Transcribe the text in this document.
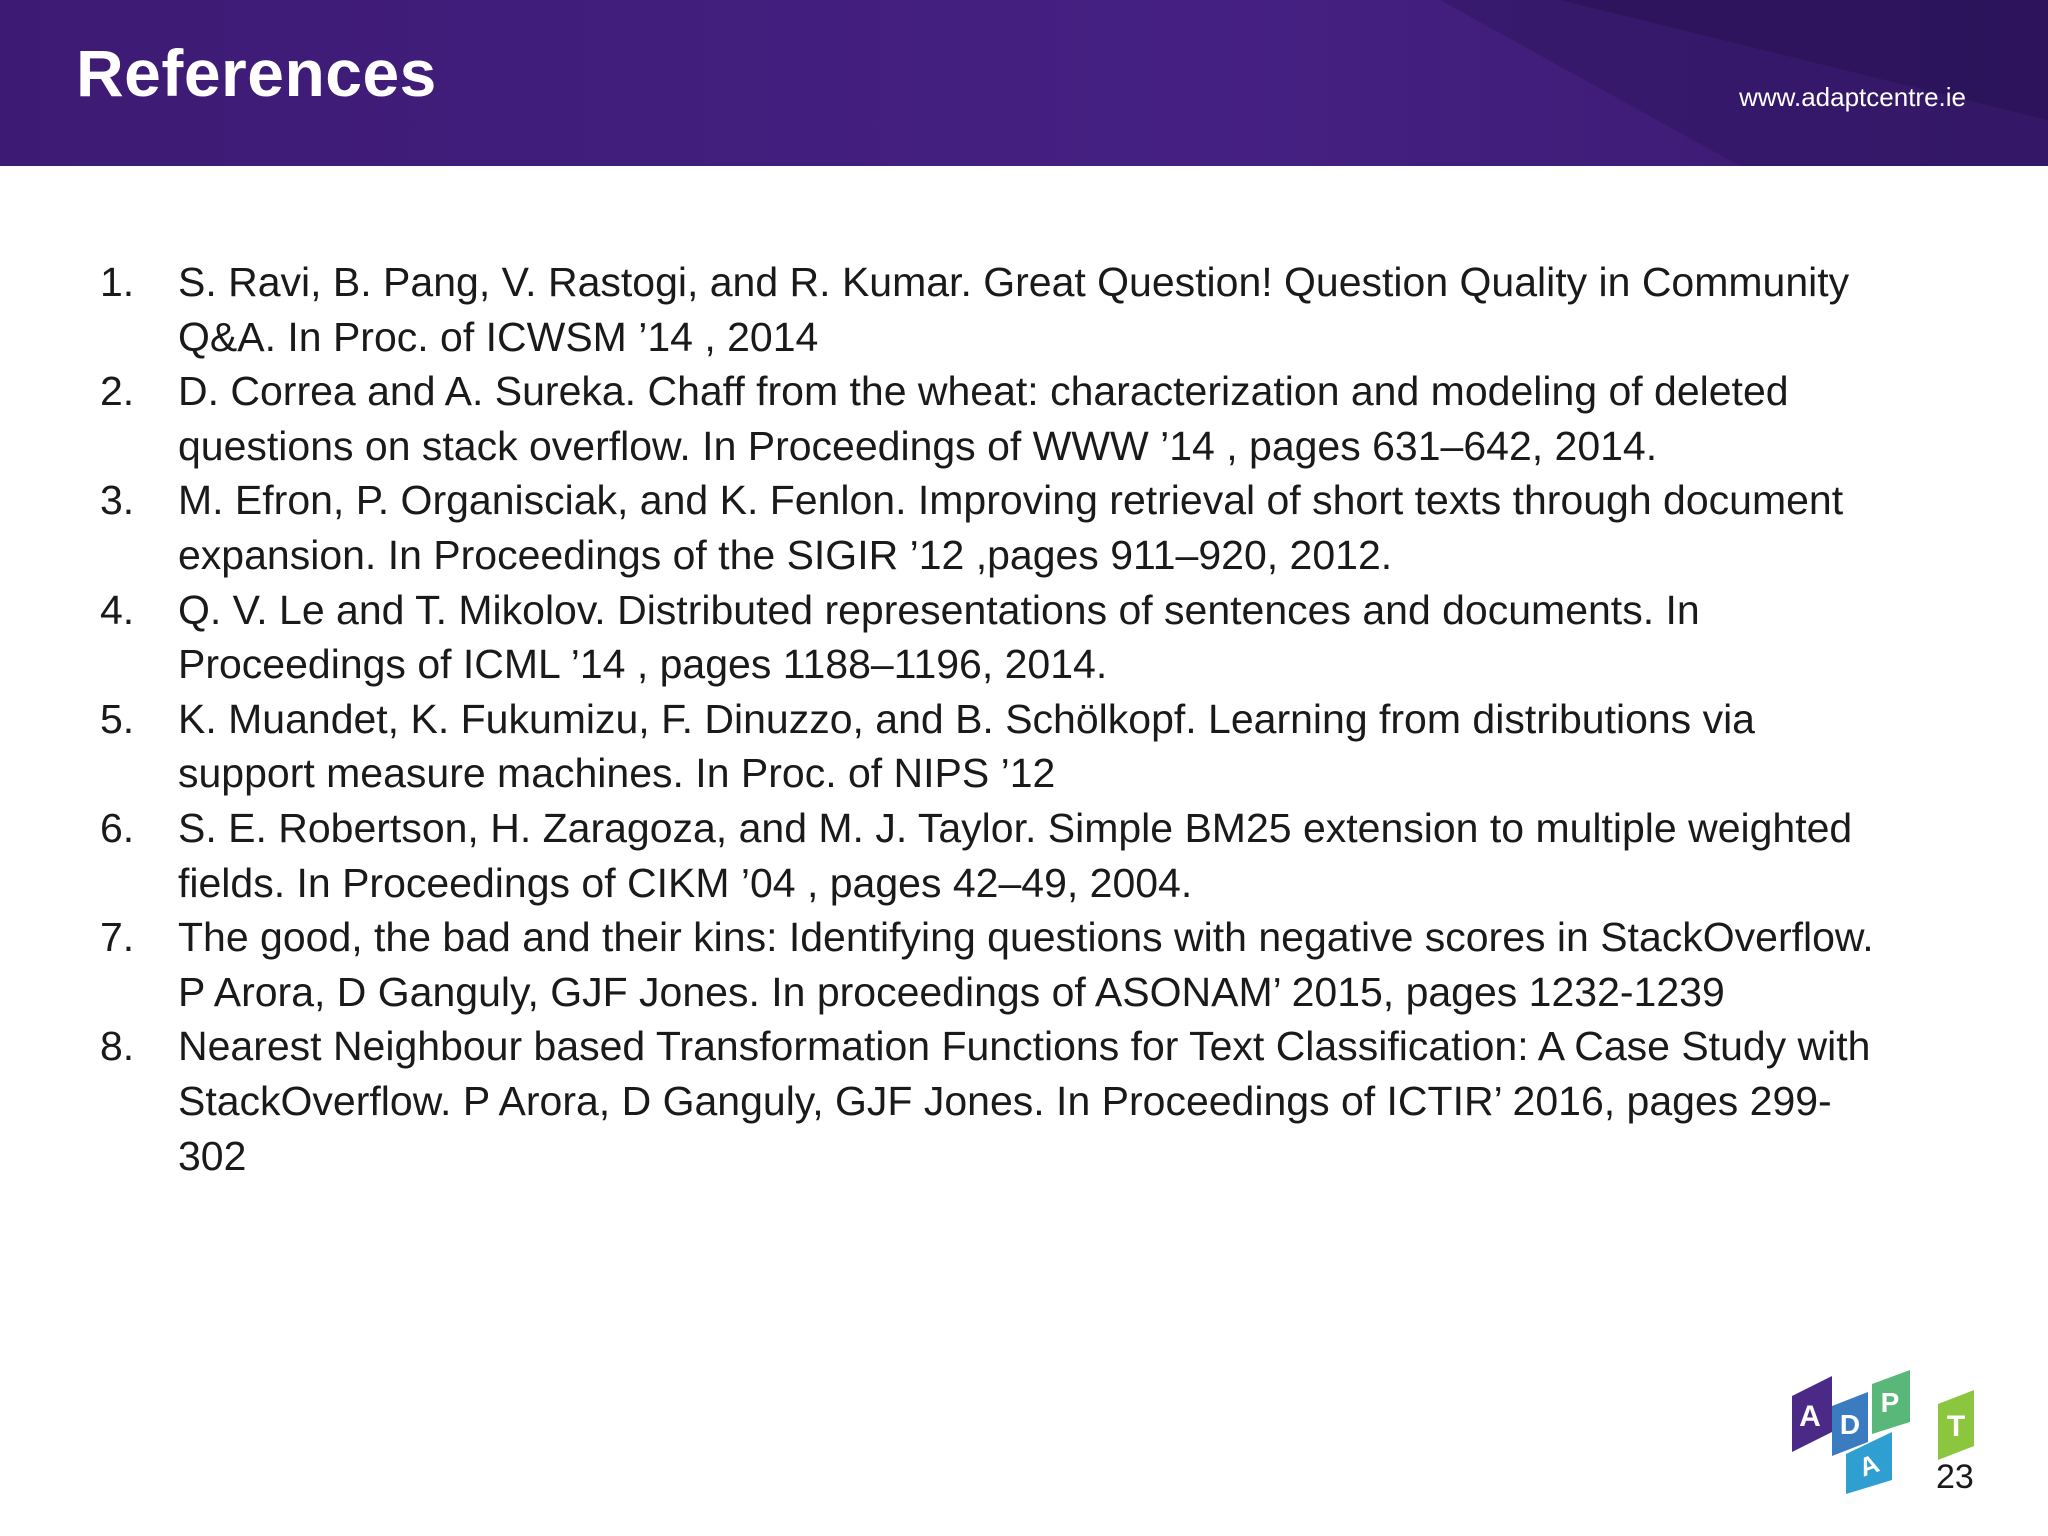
References	www.adaptcentre.ie
1.	S. Ravi, B. Pang, V. Rastogi, and R. Kumar. Great Question! Question Quality in Community Q&A. In Proc. of ICWSM ’14 , 2014
2.	D. Correa and A. Sureka. Chaff from the wheat: characterization and modeling of deleted questions on stack overflow. In Proceedings of WWW ’14 , pages 631–642, 2014.
3.	M. Efron, P. Organisciak, and K. Fenlon. Improving retrieval of short texts through document expansion. In Proceedings of the SIGIR ’12 ,pages 911–920, 2012.
4.	Q. V. Le and T. Mikolov. Distributed representations of sentences and documents. In Proceedings of ICML ’14 , pages 1188–1196, 2014.
5.	K. Muandet, K. Fukumizu, F. Dinuzzo, and B. Schölkopf. Learning from distributions via support measure machines. In Proc. of NIPS ’12
6.	S. E. Robertson, H. Zaragoza, and M. J. Taylor. Simple BM25 extension to multiple weighted fields. In Proceedings of CIKM ’04 , pages 42–49, 2004.
7.	The good, the bad and their kins: Identifying questions with negative scores in StackOverflow. P Arora, D Ganguly, GJF Jones. In proceedings of ASONAM’ 2015, pages 1232-1239
8.	Nearest Neighbour based Transformation Functions for Text Classification: A Case Study with StackOverflow. P Arora, D Ganguly, GJF Jones. In Proceedings of ICTIR’ 2016, pages 299-302
A D
A
P
T
23
